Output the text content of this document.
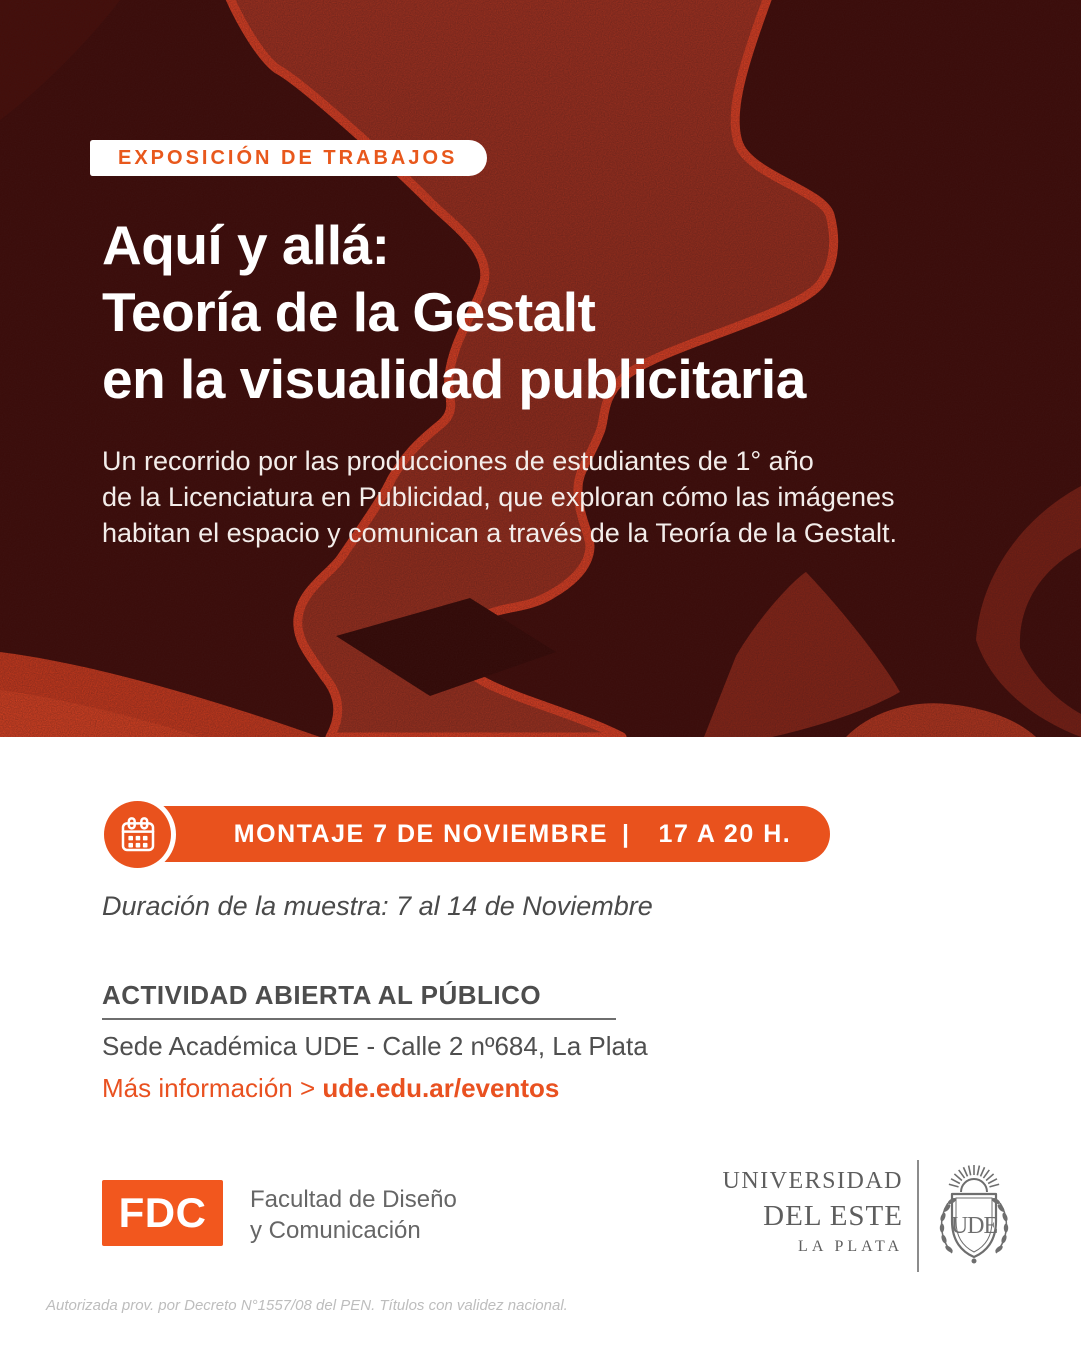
EXPOSICIÓN DE TRABAJOS
Aquí y allá:
Teoría de la Gestalt
en la visualidad publicitaria

Un recorrido por las producciones de estudiantes de 1° año
de la Licenciatura en Publicidad, que exploran cómo las imágenes
habitan el espacio y comunican a través de la Teoría de la Gestalt.

MONTAJE 7 DE NOVIEMBRE |  17 A 20 H.

Duración de la muestra: 7 al 14 de Noviembre

ACTIVIDAD ABIERTA AL PÚBLICO

Sede Académica UDE - Calle 2 nº684, La Plata

Más información > ude.edu.ar/eventos

FDC Facultad de Diseño
y Comunicación
UNIVERSIDAD
DEL ESTE
LA PLATA
UDE

Autorizada prov. por Decreto N°1557/08 del PEN. Títulos con validez nacional.
